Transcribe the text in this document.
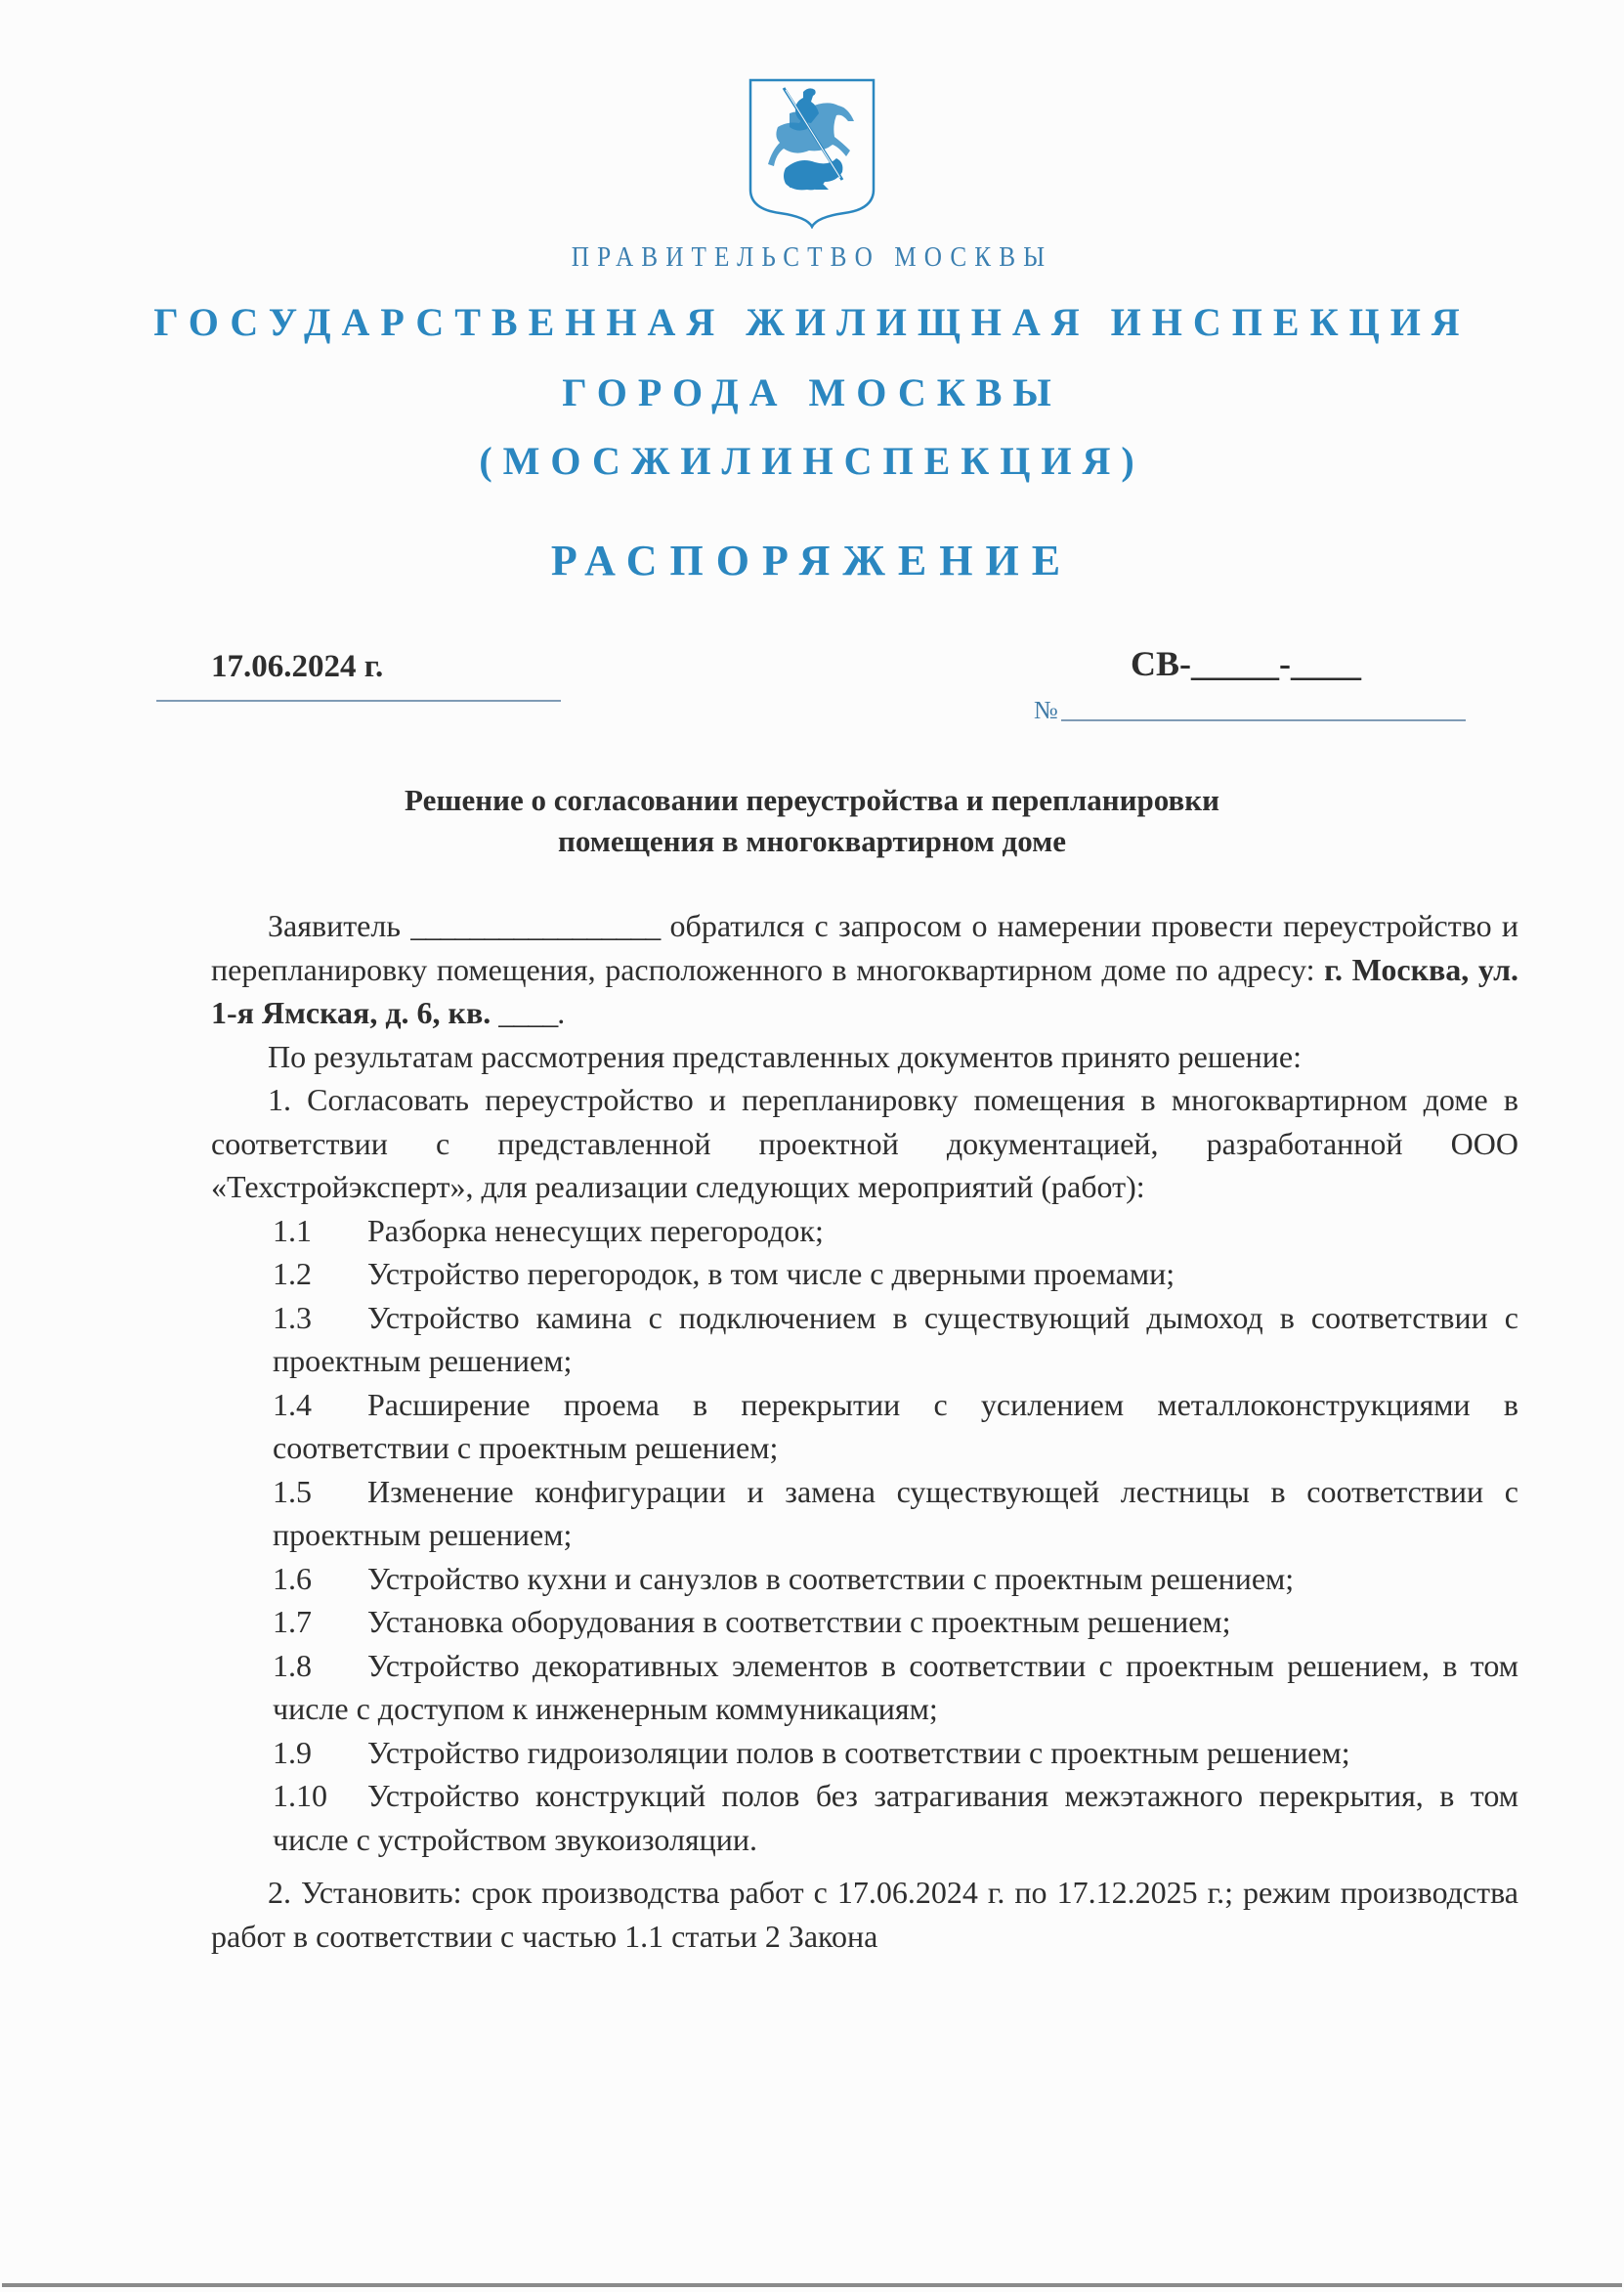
ПРАВИТЕЛЬСТВО МОСКВЫ
ГОСУДАРСТВЕННАЯ ЖИЛИЩНАЯ ИНСПЕКЦИЯ
ГОРОДА МОСКВЫ
(МОСЖИЛИНСПЕКЦИЯ)
РАСПОРЯЖЕНИЕ
17.06.2024 г.	СВ-_____-____
№
Решение о согласовании переустройства и перепланировки
помещения в многоквартирном доме

Заявитель _________________ обратился с запросом о намерении провести переустройство и перепланировку помещения, расположенного в многоквартирном доме по адресу: г. Москва, ул. 1-я Ямская, д. 6, кв. ____.

По результатам рассмотрения представленных документов принято решение:

1. Согласовать переустройство и перепланировку помещения в многоквартирном доме в соответствии с представленной проектной документацией, разработанной ООО «Техстройэксперт», для реализации следующих мероприятий (работ):

1.1 Разборка ненесущих перегородок;

1.2 Устройство перегородок, в том числе с дверными проемами;

1.3 Устройство камина с подключением в существующий дымоход в соответствии с проектным решением;

1.4 Расширение проема в перекрытии с усилением металлоконструкциями в соответствии с проектным решением;

1.5 Изменение конфигурации и замена существующей лестницы в соответствии с проектным решением;

1.6 Устройство кухни и санузлов в соответствии с проектным решением;

1.7 Установка оборудования в соответствии с проектным решением;

1.8 Устройство декоративных элементов в соответствии с проектным решением, в том числе с доступом к инженерным коммуникациям;

1.9 Устройство гидроизоляции полов в соответствии с проектным решением;

1.10 Устройство конструкций полов без затрагивания межэтажного перекрытия, в том числе с устройством звукоизоляции.

2. Установить: срок производства работ с 17.06.2024 г. по 17.12.2025 г.; режим производства работ в соответствии с частью 1.1 статьи 2 Закона
